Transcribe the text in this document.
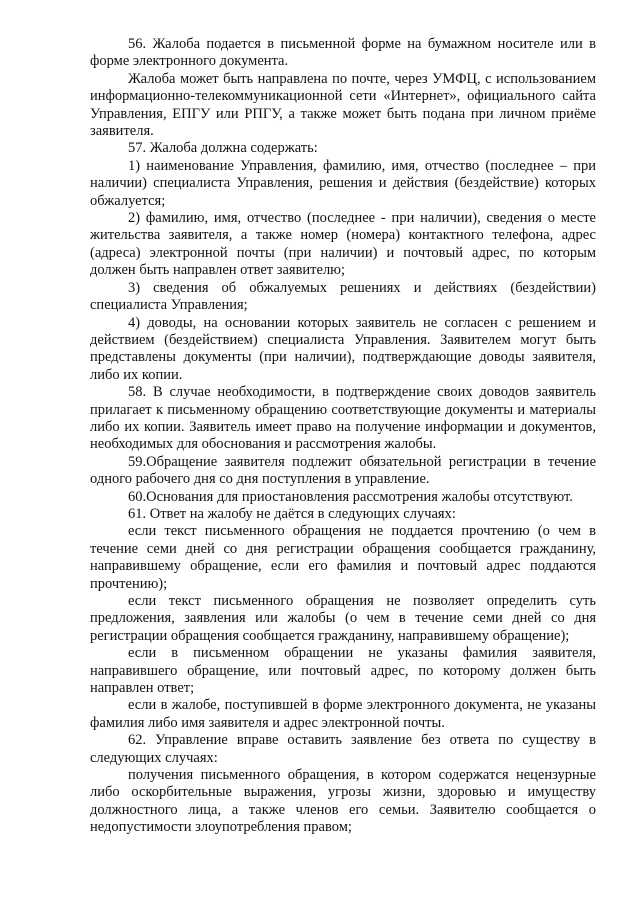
56. Жалоба подается в письменной форме на бумажном носителе или в форме электронного документа.

Жалоба может быть направлена по почте, через УМФЦ, с использованием информационно-телекоммуникационной сети «Интернет», официального сайта Управления, ЕПГУ или РПГУ, а также может быть подана при личном приёме заявителя.

57. Жалоба должна содержать:

1) наименование Управления, фамилию, имя, отчество (последнее – при наличии) специалиста Управления, решения и действия (бездействие) которых обжалуется;

2) фамилию, имя, отчество (последнее - при наличии), сведения о месте жительства заявителя, а также номер (номера) контактного телефона, адрес (адреса) электронной почты (при наличии) и почтовый адрес, по которым должен быть направлен ответ заявителю;

3) сведения об обжалуемых решениях и действиях (бездействии) специалиста Управления;

4) доводы, на основании которых заявитель не согласен с решением и действием (бездействием) специалиста Управления. Заявителем могут быть представлены документы (при наличии), подтверждающие доводы заявителя, либо их копии.

58. В случае необходимости, в подтверждение своих доводов заявитель прилагает к письменному обращению соответствующие документы и материалы либо их копии. Заявитель имеет право на получение информации и документов, необходимых для обоснования и рассмотрения жалобы.

59.Обращение заявителя подлежит обязательной регистрации в течение одного рабочего дня со дня поступления в управление.

60.Основания для приостановления рассмотрения жалобы отсутствуют.

61. Ответ на жалобу не даётся в следующих случаях:

если текст письменного обращения не поддается прочтению (о чем в течение семи дней со дня регистрации обращения сообщается гражданину, направившему обращение, если его фамилия и почтовый адрес поддаются прочтению);

если текст письменного обращения не позволяет определить суть предложения, заявления или жалобы (о чем в течение семи дней со дня регистрации обращения сообщается гражданину, направившему обращение);

если в письменном обращении не указаны фамилия заявителя, направившего обращение, или почтовый адрес, по которому должен быть направлен ответ;

если в жалобе, поступившей в форме электронного документа, не указаны фамилия либо имя заявителя и адрес электронной почты.

62. Управление вправе оставить заявление без ответа по существу в следующих случаях:

получения письменного обращения, в котором содержатся нецензурные либо оскорбительные выражения, угрозы жизни, здоровью и имуществу должностного лица, а также членов его семьи. Заявителю сообщается о недопустимости злоупотребления правом;
